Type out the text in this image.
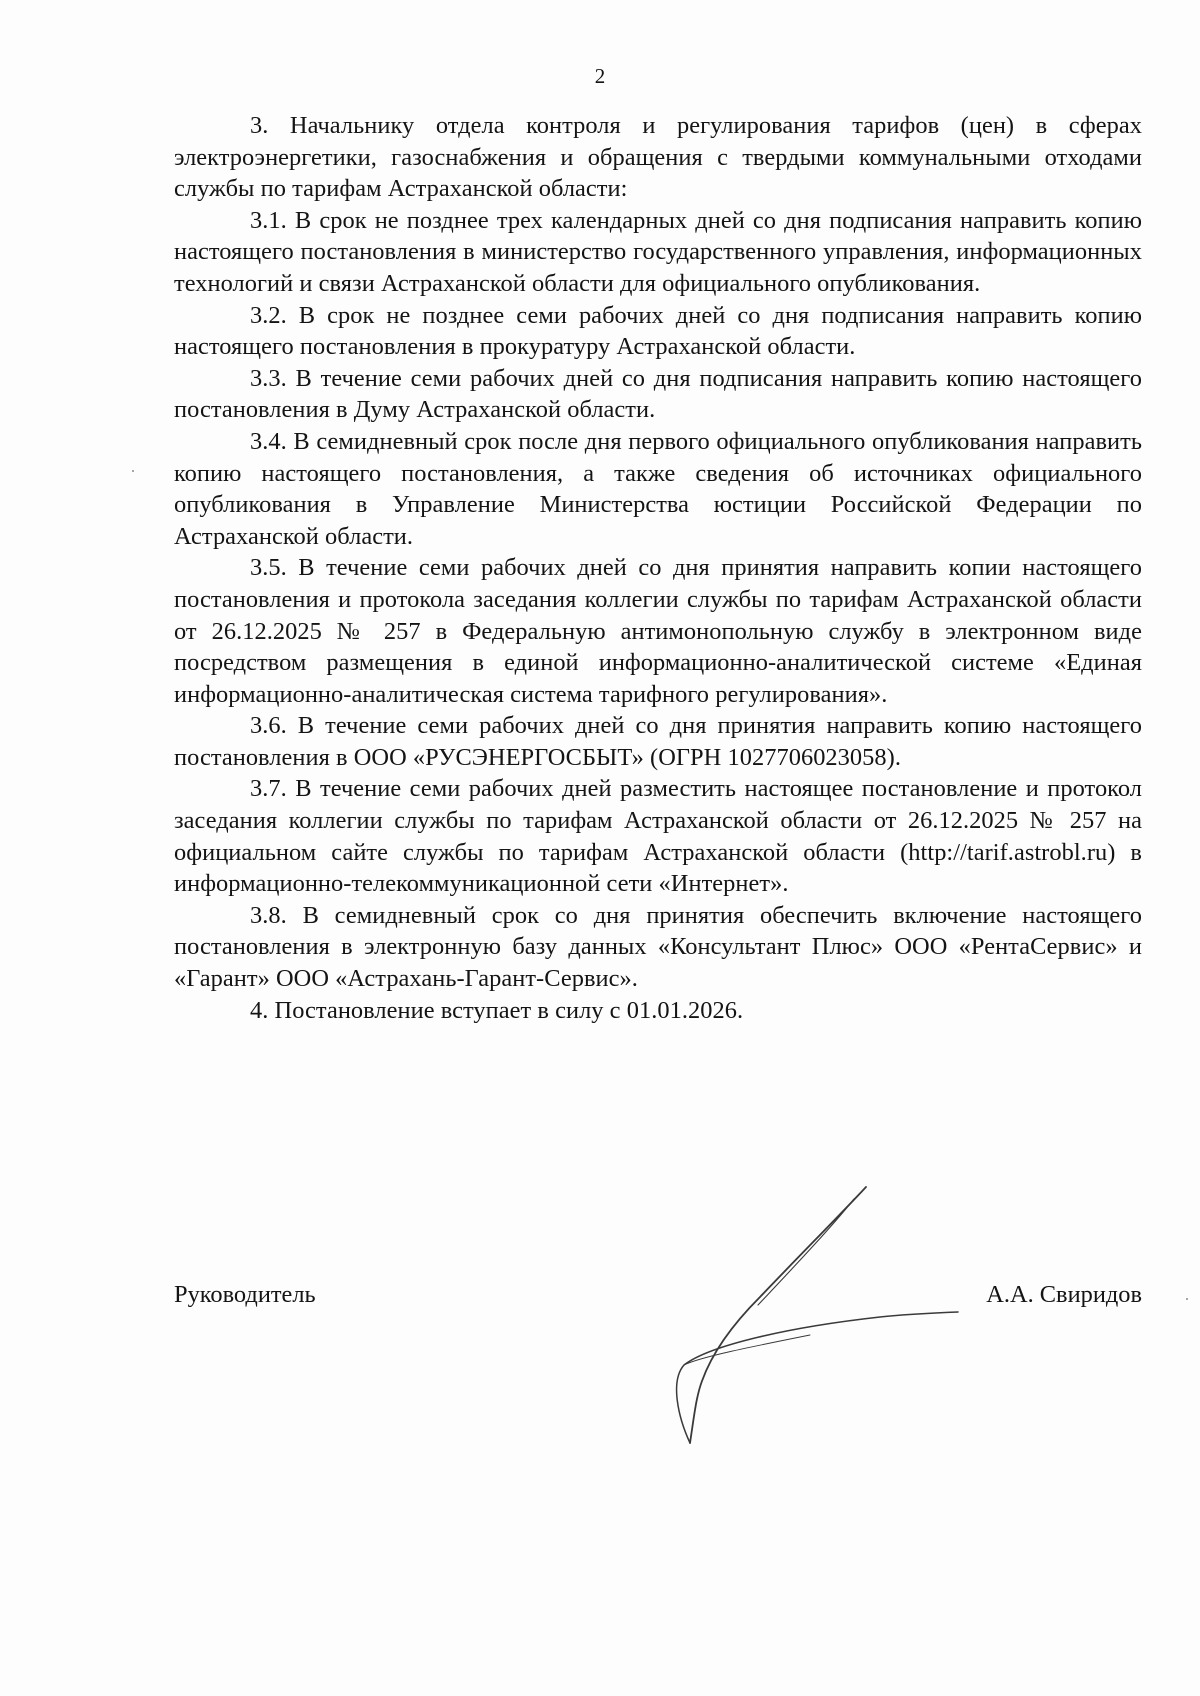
2

3. Начальнику отдела контроля и регулирования тарифов (цен) в сферах электроэнергетики, газоснабжения и обращения с твердыми коммунальными отходами службы по тарифам Астраханской области:

3.1. В срок не позднее трех календарных дней со дня подписания направить копию настоящего постановления в министерство государственного управления, информационных технологий и связи Астраханской области для официального опубликования.

3.2. В срок не позднее семи рабочих дней со дня подписания направить копию настоящего постановления в прокуратуру Астраханской области.

3.3. В течение семи рабочих дней со дня подписания направить копию настоящего постановления в Думу Астраханской области.

3.4. В семидневный срок после дня первого официального опубликования направить копию настоящего постановления, а также сведения об источниках официального опубликования в Управление Министерства юстиции Российской Федерации по Астраханской области.

3.5. В течение семи рабочих дней со дня принятия направить копии настоящего постановления и протокола заседания коллегии службы по тарифам Астраханской области от 26.12.2025 № 257 в Федеральную антимонопольную службу в электронном виде посредством размещения в единой информационно-аналитической системе «Единая информационно-аналитическая система тарифного регулирования».

3.6. В течение семи рабочих дней со дня принятия направить копию настоящего постановления в ООО «РУСЭНЕРГОСБЫТ» (ОГРН 1027706023058).

3.7. В течение семи рабочих дней разместить настоящее постановление и протокол заседания коллегии службы по тарифам Астраханской области от 26.12.2025 № 257 на официальном сайте службы по тарифам Астраханской области (http://tarif.astrobl.ru) в информационно-телекоммуникационной сети «Интернет».

3.8. В семидневный срок со дня принятия обеспечить включение настоящего постановления в электронную базу данных «Консультант Плюс» ООО «РентаСервис» и «Гарант» ООО «Астрахань-Гарант-Сервис».

4. Постановление вступает в силу с 01.01.2026.

Руководитель	А.А. Свиридов
